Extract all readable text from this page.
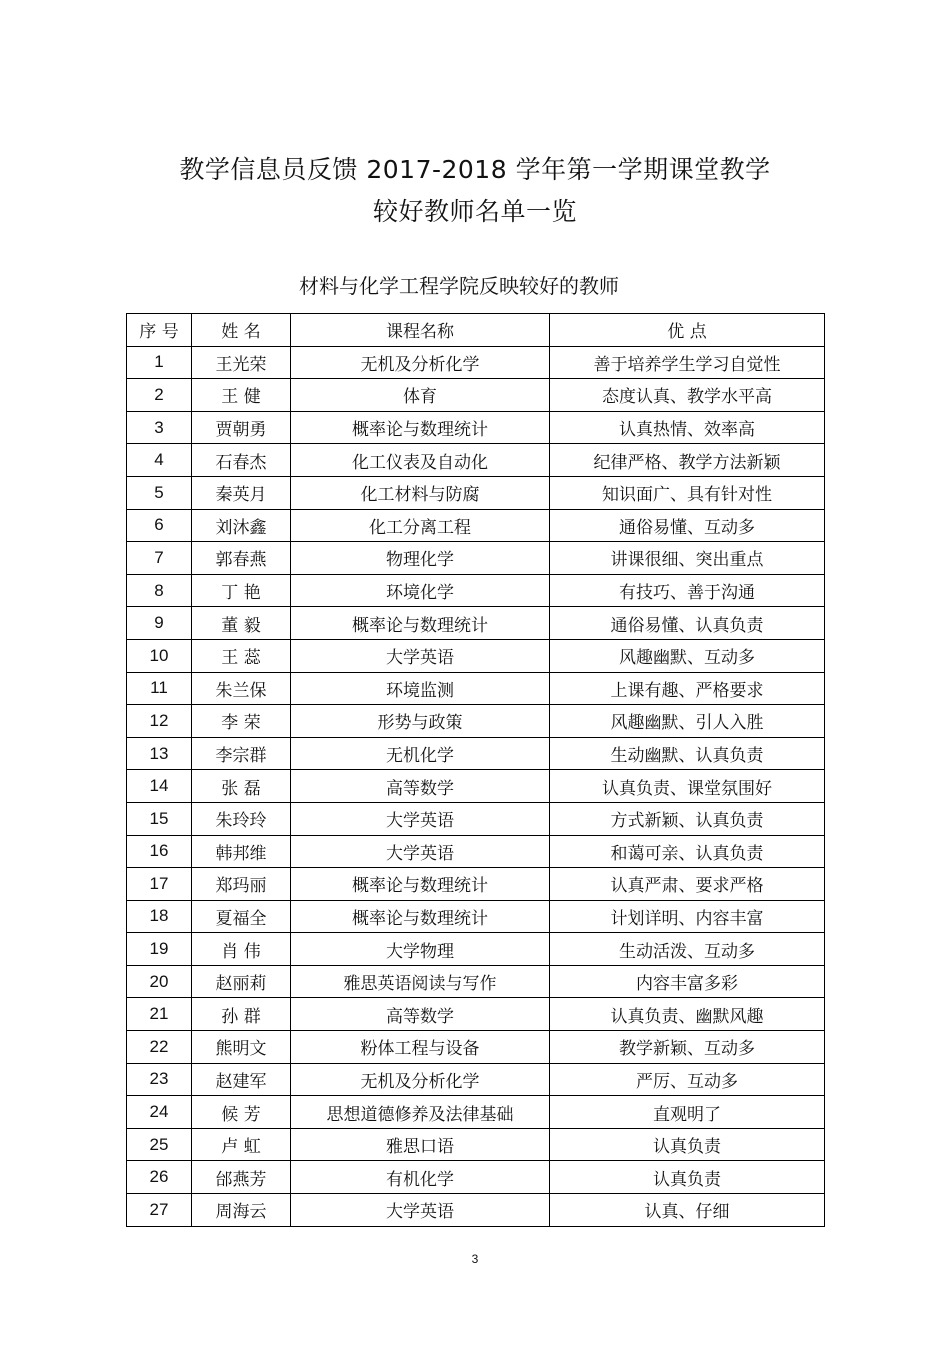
教学信息员反馈 2017-2018 学年第一学期课堂教学
较好教师名单一览
材料与化学工程学院反映较好的教师
序 号	姓 名	课程名称	优 点
1	王光荣	无机及分析化学	善于培养学生学习自觉性
2	王 健	体育	态度认真、教学水平高
3	贾朝勇	概率论与数理统计	认真热情、效率高
4	石春杰	化工仪表及自动化	纪律严格、教学方法新颖
5	秦英月	化工材料与防腐	知识面广、具有针对性
6	刘沐鑫	化工分离工程	通俗易懂、互动多
7	郭春燕	物理化学	讲课很细、突出重点
8	丁 艳	环境化学	有技巧、善于沟通
9	董 毅	概率论与数理统计	通俗易懂、认真负责
10	王 蕊	大学英语	风趣幽默、互动多
11	朱兰保	环境监测	上课有趣、严格要求
12	李 荣	形势与政策	风趣幽默、引人入胜
13	李宗群	无机化学	生动幽默、认真负责
14	张 磊	高等数学	认真负责、课堂氛围好
15	朱玲玲	大学英语	方式新颖、认真负责
16	韩邦维	大学英语	和蔼可亲、认真负责
17	郑玛丽	概率论与数理统计	认真严肃、要求严格
18	夏福全	概率论与数理统计	计划详明、内容丰富
19	肖 伟	大学物理	生动活泼、互动多
20	赵丽莉	雅思英语阅读与写作	内容丰富多彩
21	孙 群	高等数学	认真负责、幽默风趣
22	熊明文	粉体工程与设备	教学新颖、互动多
23	赵建军	无机及分析化学	严厉、互动多
24	候 芳	思想道德修养及法律基础	直观明了
25	卢 虹	雅思口语	认真负责
26	邰燕芳	有机化学	认真负责
27	周海云	大学英语	认真、仔细
3
